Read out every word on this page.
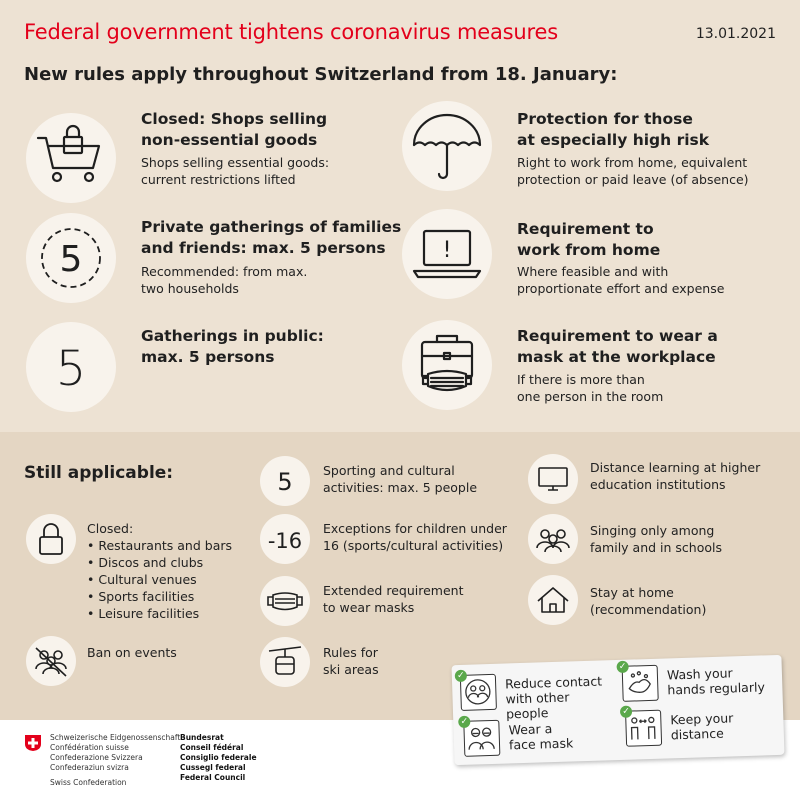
Federal government tightens coronavirus measures	13.01.2021
New rules apply throughout Switzerland from 18. January:
Closed: Shops selling
non-essential goods
Shops selling essential goods:
current restrictions lifted
Protection for those
at especially high risk
Right to work from home, equivalent
protection or paid leave (of absence)
5
Private gatherings of families
and friends: max. 5 persons
Recommended: from max.
two households
!
Requirement to
work from home
Where feasible and with
proportionate effort and expense
5
Gatherings in public:
max. 5 persons
Requirement to wear a
mask at the workplace
If there is more than
one person in the room
Still applicable:
Closed:
• Restaurants and bars
• Discos and clubs
• Cultural venues
• Sports facilities
• Leisure facilities
Ban on events
5 Sporting and cultural
activities: max. 5 people
-16
Exceptions for children under
16 (sports/cultural activities)
Extended requirement
to wear masks
Rules for
ski areas
Distance learning at higher
education institutions
Singing only among
family and in schools
Stay at home
(recommendation)
✓	Reduce contact
with other people
✓	Wash your
hands regularly
✓	Wear a
face mask
✓	Keep your
distance
Schweizerische Eidgenossenschaft
Confédération suisse
Confederazione Svizzera
Confederaziun svizra
Bundesrat
Conseil fédéral
Consiglio federale
Cussegl federal
Federal Council
Swiss Confederation
